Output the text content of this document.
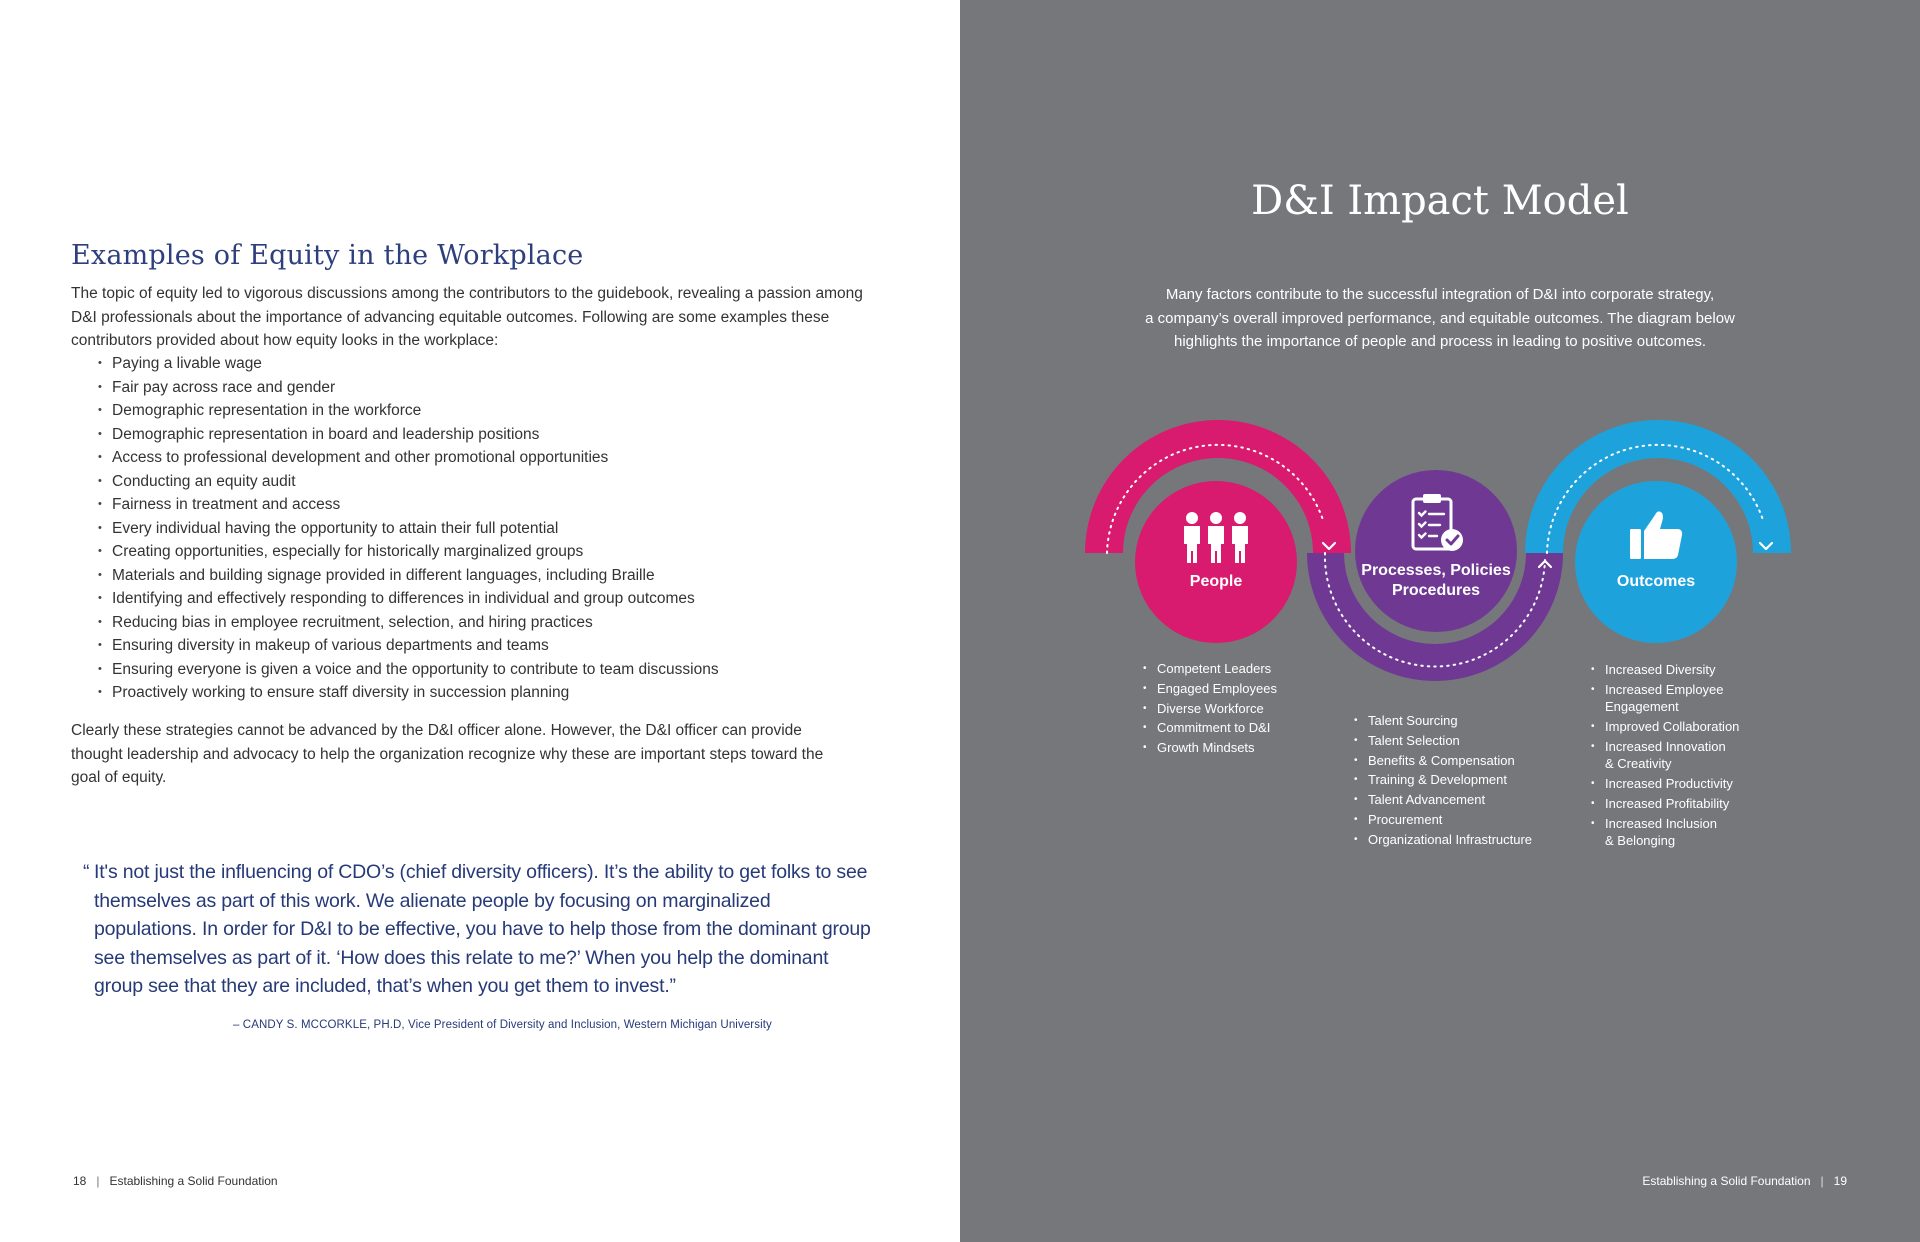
Examples of Equity in the Workplace

The topic of equity led to vigorous discussions among the contributors to the guidebook, revealing a passion among D&I professionals about the importance of advancing equitable outcomes. Following are some examples these contributors provided about how equity looks in the workplace:

• Paying a livable wage
• Fair pay across race and gender
• Demographic representation in the workforce
• Demographic representation in board and leadership positions
• Access to professional development and other promotional opportunities
• Conducting an equity audit
• Fairness in treatment and access
• Every individual having the opportunity to attain their full potential
• Creating opportunities, especially for historically marginalized groups
• Materials and building signage provided in different languages, including Braille
• Identifying and effectively responding to differences in individual and group outcomes
• Reducing bias in employee recruitment, selection, and hiring practices
• Ensuring diversity in makeup of various departments and teams
• Ensuring everyone is given a voice and the opportunity to contribute to team discussions
• Proactively working to ensure staff diversity in succession planning

Clearly these strategies cannot be advanced by the D&I officer alone. However, the D&I officer can provide thought leadership and advocacy to help the organization recognize why these are important steps toward the goal of equity.

“ It's not just the influencing of CDO’s (chief diversity officers). It’s the ability to get folks to see themselves as part of this work. We alienate people by focusing on marginalized populations. In order for D&I to be effective, you have to help those from the dominant group see themselves as part of it. ‘How does this relate to me?’ When you help the dominant group see that they are included, that’s when you get them to invest.”

– CANDY S. MCCORKLE, PH.D, Vice President of Diversity and Inclusion, Western Michigan University

18 | Establishing a Solid Foundation
D&I Impact Model

Many factors contribute to the successful integration of D&I into corporate strategy,
a company’s overall improved performance, and equitable outcomes. The diagram below
highlights the importance of people and process in leading to positive outcomes.

People
Processes, Policies
Procedures
Outcomes
• Competent Leaders
• Engaged Employees
• Diverse Workforce
• Commitment to D&I
• Growth Mindsets
• Talent Sourcing
• Talent Selection
• Benefits & Compensation
• Training & Development
• Talent Advancement
• Procurement
• Organizational Infrastructure
• Increased Diversity
• Increased Employee
Engagement
• Improved Collaboration
• Increased Innovation
& Creativity
• Increased Productivity
• Increased Profitability
• Increased Inclusion
& Belonging
Establishing a Solid Foundation | 19
